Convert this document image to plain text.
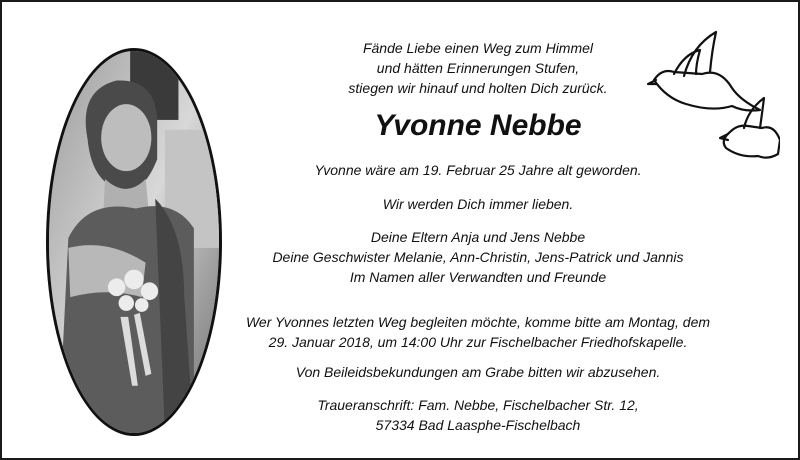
Fände Liebe einen Weg zum Himmel
und hätten Erinnerungen Stufen,
stiegen wir hinauf und holten Dich zurück.
Yvonne Nebbe
Yvonne wäre am 19. Februar 25 Jahre alt geworden.
Wir werden Dich immer lieben.
Deine Eltern Anja und Jens Nebbe
Deine Geschwister Melanie, Ann-Christin, Jens-Patrick und Jannis
Im Namen aller Verwandten und Freunde
Wer Yvonnes letzten Weg begleiten möchte, komme bitte am Montag, dem
29. Januar 2018, um 14:00 Uhr zur Fischelbacher Friedhofskapelle.
Von Beileidsbekundungen am Grabe bitten wir abzusehen.
Traueranschrift: Fam. Nebbe, Fischelbacher Str. 12,
57334 Bad Laasphe-Fischelbach
